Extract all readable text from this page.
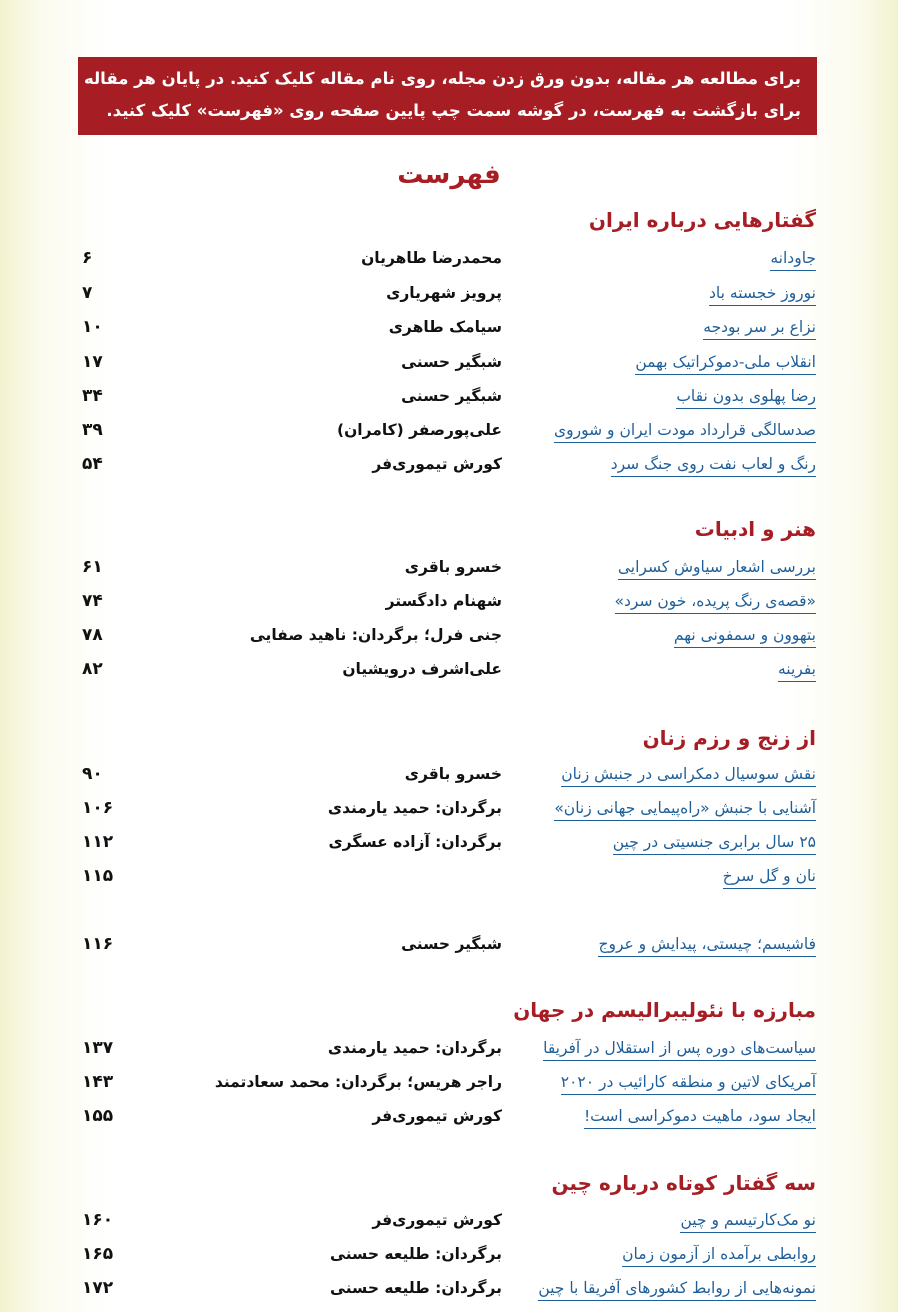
برای مطالعه هر مقاله، بدون ورق زدن مجله، روی نام مقاله کلیک کنید. در پایان هر مقاله

برای بازگشت به فهرست، در گوشه سمت چپ پایین صفحه روی «فهرست» کلیک کنید.

فهرست
گفتارهایی درباره ایران
جاودانه
محمدرضا طاهریان
۶
نوروز خجسته باد
پرویز شهریاری
۷
نزاع بر سر بودجه
سیامک طاهری
۱۰
انقلاب ملی-دموکراتیک بهمن
شبگیر حسنی
۱۷
رضا پهلوی بدون نقاب
شبگیر حسنی
۳۴
صدسالگی قرارداد مودت ایران و شوروی
علی‌پورصفر (کامران)
۳۹
رنگ و لعاب نفت روی جنگ سرد
کورش تیموری‌فر
۵۴
هنر و ادبیات
بررسی اشعار سیاوش کسرایی
خسرو باقری
۶۱
«قصه‌ی رنگ پریده، خون سرد»
شهنام دادگستر
۷۴
بتهوون و سمفونی نهم
جنی فرل؛ برگردان: ناهید صفایی
۷۸
بفرینه
علی‌اشرف درویشیان
۸۲
از زنج و رزم زنان
نقش سوسیال دمکراسی در جنبش زنان
خسرو باقری
۹۰
آشنایی با جنبش «راه‌پیمایی جهانی زنان»
برگردان: حمید یارمندی
۱۰۶
۲۵ سال برابری جنسیتی در چین
برگردان: آزاده عسگری
۱۱۲
نان و گل سرخ
۱۱۵
فاشیسم؛ چیستی، پیدایش و عروج
شبگیر حسنی
۱۱۶
مبارزه با نئولیبرالیسم در جهان
سیاست‌های دوره پس از استقلال در آفریقا
برگردان: حمید یارمندی
۱۳۷
آمریکای لاتین و منطقه کارائیب در ۲۰۲۰
راجر هریس؛ برگردان: محمد سعادتمند
۱۴۳
ایجاد سود، ماهیت دموکراسی است!
کورش تیموری‌فر
۱۵۵
سه گفتار کوتاه درباره چین
نو مک‌کارتیسم و چین
کورش تیموری‌فر
۱۶۰
روابطی برآمده از آزمون زمان
برگردان: طلیعه حسنی
۱۶۵
نمونه‌هایی از روابط کشورهای آفریقا با چین
برگردان: طلیعه حسنی
۱۷۲
